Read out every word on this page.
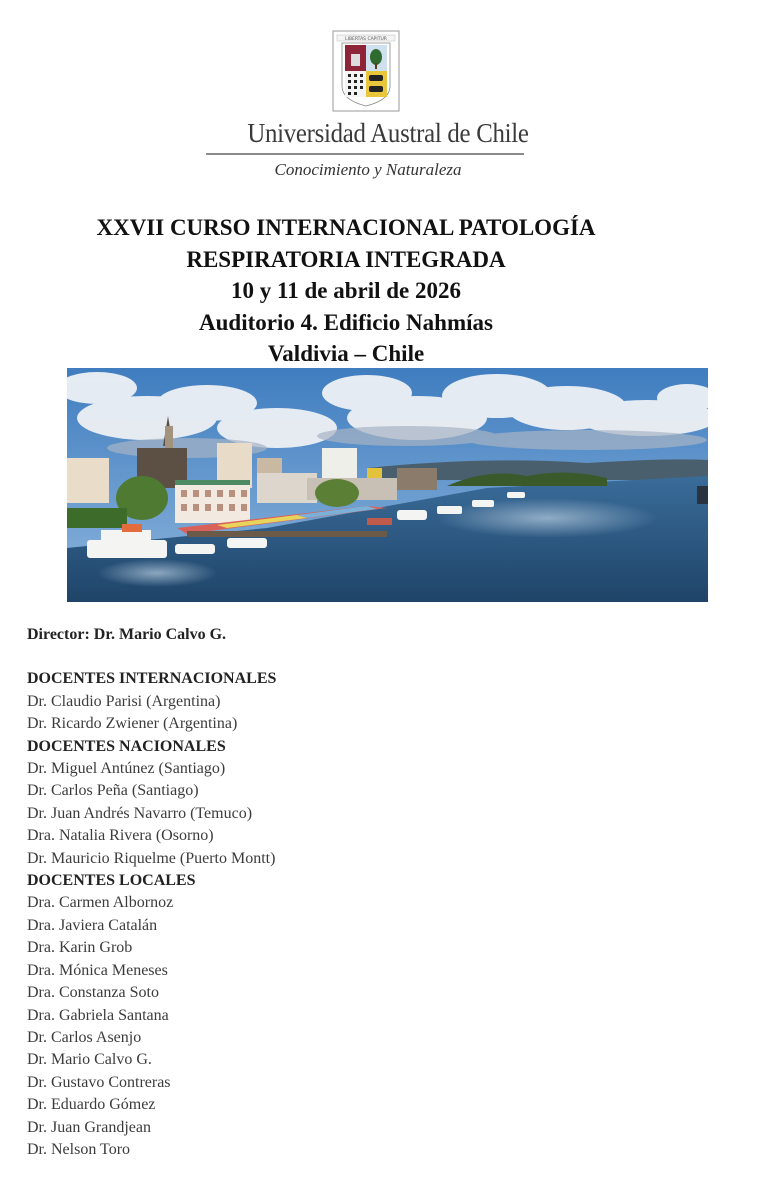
LIBERTAS CAPITUR
Universidad Austral de Chile
Conocimiento y Naturaleza
XXVII CURSO INTERNACIONAL PATOLOGÍA
RESPIRATORIA INTEGRADA
10 y 11 de abril de 2026
Auditorio 4. Edificio Nahmías
Valdivia – Chile
Director: Dr. Mario Calvo G.
DOCENTES INTERNACIONALES
Dr. Claudio Parisi (Argentina)
Dr. Ricardo Zwiener (Argentina)
DOCENTES NACIONALES
Dr. Miguel Antúnez (Santiago)
Dr. Carlos Peña (Santiago)
Dr. Juan Andrés Navarro (Temuco)
Dra. Natalia Rivera (Osorno)
Dr. Mauricio Riquelme (Puerto Montt)
DOCENTES LOCALES
Dra. Carmen Albornoz
Dra. Javiera Catalán
Dra. Karin Grob
Dra. Mónica Meneses
Dra. Constanza Soto
Dra. Gabriela Santana
Dr. Carlos Asenjo
Dr. Mario Calvo G.
Dr. Gustavo Contreras
Dr. Eduardo Gómez
Dr. Juan Grandjean
Dr. Nelson Toro
